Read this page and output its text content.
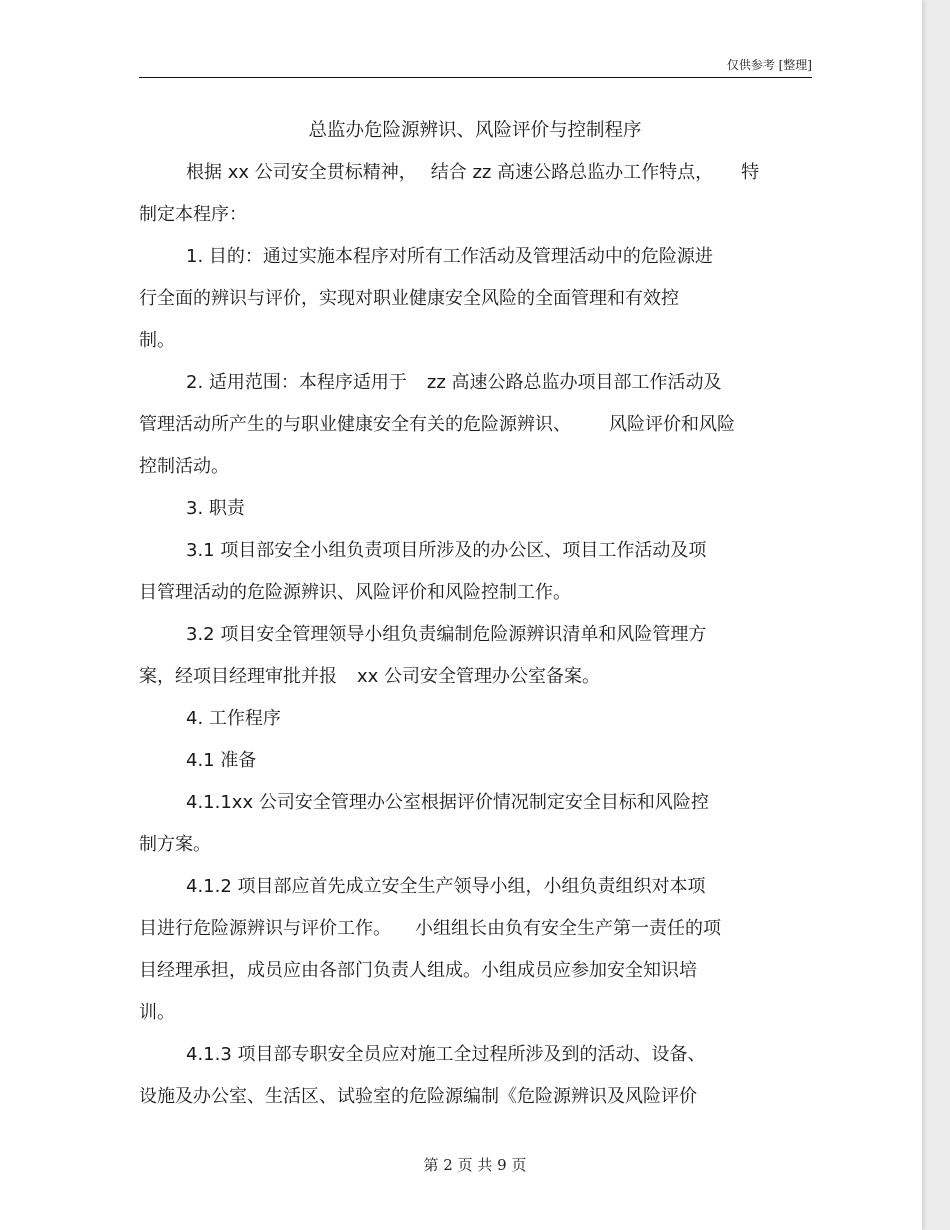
仅供参考 [整理]
总监办危险源辨识、风险评价与控制程序

根据 xx 公司安全贯标精神， 结合 zz 高速公路总监办工作特点， 特

制定本程序：

1. 目的：通过实施本程序对所有工作活动及管理活动中的危险源进

行全面的辨识与评价，实现对职业健康安全风险的全面管理和有效控

制。

2. 适用范围：本程序适用于 zz 高速公路总监办项目部工作活动及

管理活动所产生的与职业健康安全有关的危险源辨识、 风险评价和风险

控制活动。

3. 职责

3.1 项目部安全小组负责项目所涉及的办公区、项目工作活动及项

目管理活动的危险源辨识、风险评价和风险控制工作。

3.2 项目安全管理领导小组负责编制危险源辨识清单和风险管理方

案，经项目经理审批并报 xx 公司安全管理办公室备案。

4. 工作程序

4.1 准备

4.1.1xx 公司安全管理办公室根据评价情况制定安全目标和风险控

制方案。

4.1.2 项目部应首先成立安全生产领导小组，小组负责组织对本项

目进行危险源辨识与评价工作。 小组组长由负有安全生产第一责任的项

目经理承担，成员应由各部门负责人组成。小组成员应参加安全知识培

训。

4.1.3 项目部专职安全员应对施工全过程所涉及到的活动、设备、

设施及办公室、生活区、试验室的危险源编制《危险源辨识及风险评价

第 2 页 共 9 页
